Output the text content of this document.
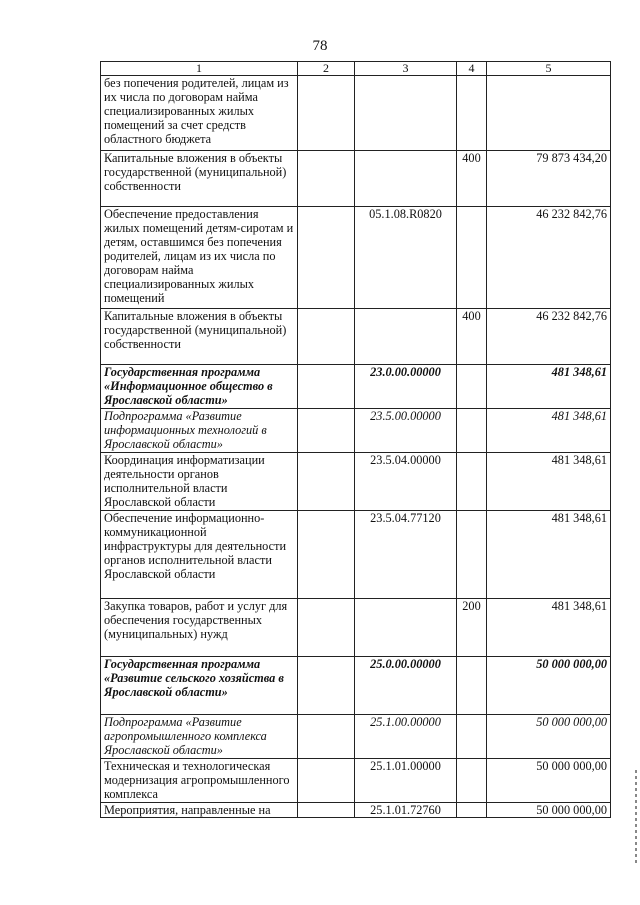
78
1	2	3	4	5
без попечения родителей, лицам из их числа по договорам найма специализированных жилых помещений за счет средств областного бюджета				
Капитальные вложения в объекты государственной (муниципальной) собственности			400	79 873 434,20
Обеспечение предоставления жилых помещений детям-сиротам и детям, оставшимся без попечения родителей, лицам из их числа по договорам найма специализированных жилых помещений		05.1.08.R0820		46 232 842,76
Капитальные вложения в объекты государственной (муниципальной) собственности			400	46 232 842,76
Государственная программа «Информационное общество в Ярославской области»		23.0.00.00000		481 348,61
Подпрограмма «Развитие информационных технологий в Ярославской области»		23.5.00.00000		481 348,61
Координация информатизации деятельности органов исполнительной власти Ярославской области		23.5.04.00000		481 348,61
Обеспечение информационно-коммуникационной инфраструктуры для деятельности органов исполнительной власти Ярославской области		23.5.04.77120		481 348,61
Закупка товаров, работ и услуг для обеспечения государственных (муниципальных) нужд			200	481 348,61
Государственная программа «Развитие сельского хозяйства в Ярославской области»		25.0.00.00000		50 000 000,00
Подпрограмма «Развитие агропромышленного комплекса Ярославской области»		25.1.00.00000		50 000 000,00
Техническая и технологическая модернизация агропромышленного комплекса		25.1.01.00000		50 000 000,00
Мероприятия, направленные на		25.1.01.72760		50 000 000,00
